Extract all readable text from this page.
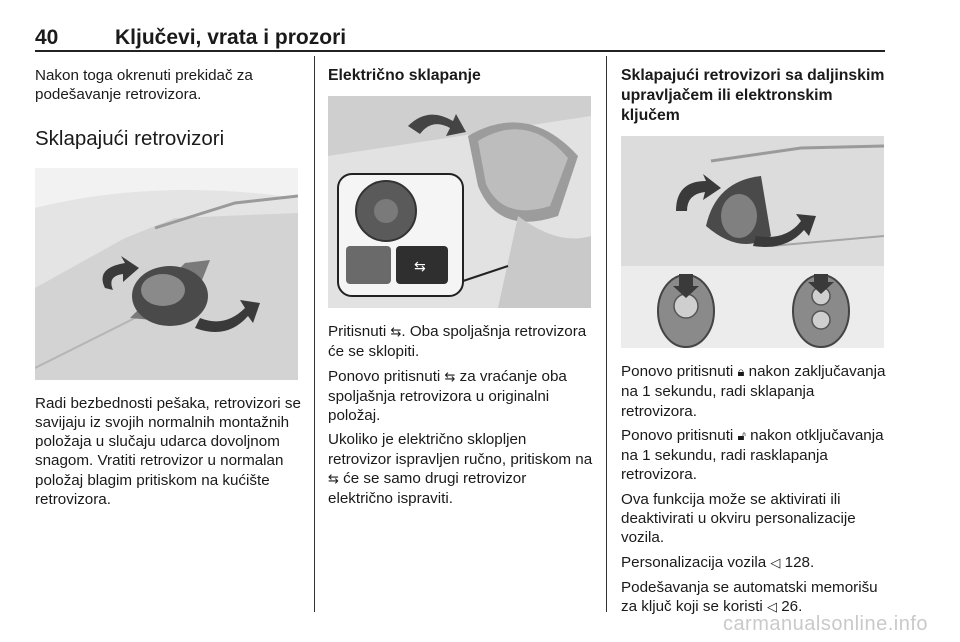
40	Ključevi, vrata i prozori

Nakon toga okrenuti prekidač za podešavanje retrovizora.

Sklapajući retrovizori

Radi bezbednosti pešaka, retrovizori se savijaju iz svojih normalnih montažnih položaja u slučaju udarca dovoljnom snagom. Vratiti retrovizor u normalan položaj blagim pritiskom na kućište retrovizora.

Električno sklapanje
⇆

Pritisnuti ⇆. Oba spoljašnja retrovizora će se sklopiti.

Ponovo pritisnuti ⇆ za vraćanje oba spoljašnja retrovizora u originalni položaj.

Ukoliko je električno sklopljen retrovizor ispravljen ručno, pritiskom na ⇆ će se samo drugi retrovizor električno ispraviti.

Sklapajući retrovizori sa daljinskim upravljačem ili elektronskim ključem

Ponovo pritisnuti 🔒︎ nakon zaključavanja na 1 sekundu, radi sklapanja retrovizora.

Ponovo pritisnuti 🔓︎ nakon otključavanja na 1 sekundu, radi rasklapanja retrovizora.

Ova funkcija može se aktivirati ili deaktivirati u okviru personalizacije vozila.

Personalizacija vozila ◁ 128.

Podešavanja se automatski memorišu za ključ koji se koristi ◁ 26.

carmanualsonline.info
